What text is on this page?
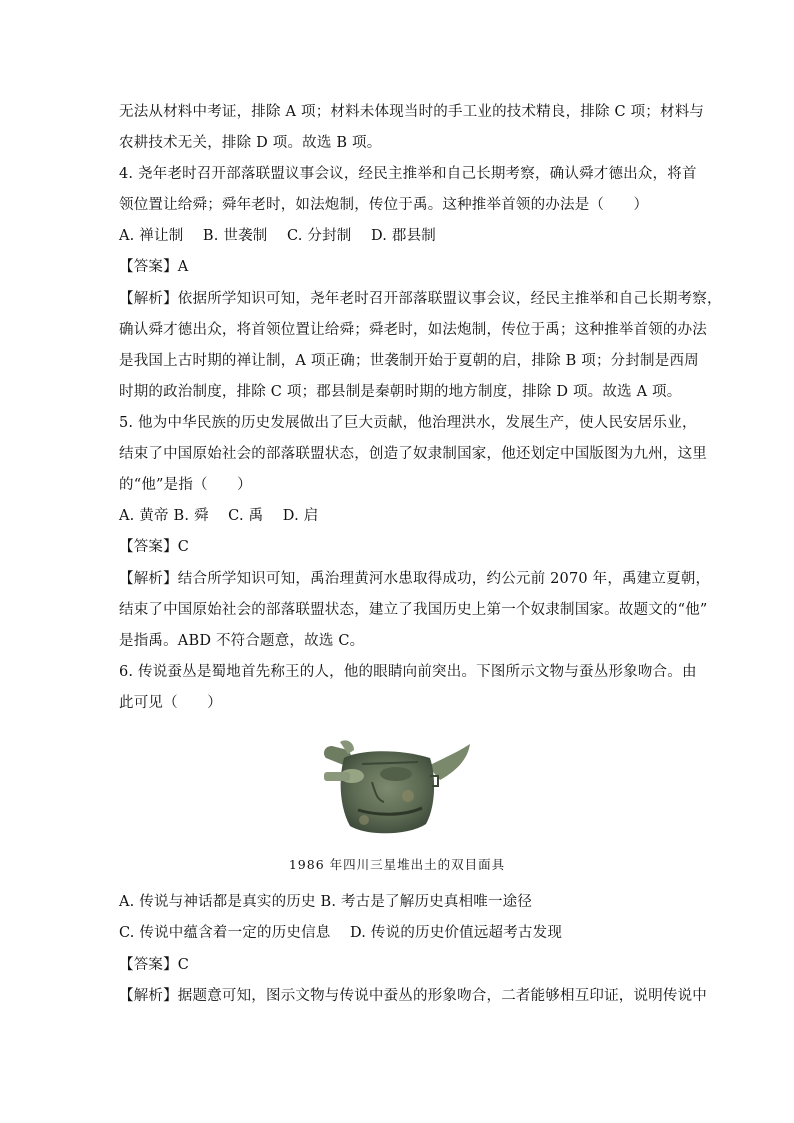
无法从材料中考证，排除 A 项；材料未体现当时的手工业的技术精良，排除 C 项；材料与
农耕技术无关，排除 D 项。故选 B 项。
4. 尧年老时召开部落联盟议事会议，经民主推举和自己长期考察，确认舜才德出众，将首
领位置让给舜；舜年老时，如法炮制，传位于禹。这种推举首领的办法是（　　）
A. 禅让制　 B. 世袭制　 C. 分封制　 D. 郡县制
【答案】A
【解析】依据所学知识可知，尧年老时召开部落联盟议事会议，经民主推举和自己长期考察，
确认舜才德出众，将首领位置让给舜；舜老时，如法炮制，传位于禹；这种推举首领的办法
是我国上古时期的禅让制，A 项正确；世袭制开始于夏朝的启，排除 B 项；分封制是西周
时期的政治制度，排除 C 项；郡县制是秦朝时期的地方制度，排除 D 项。故选 A 项。
5. 他为中华民族的历史发展做出了巨大贡献，他治理洪水，发展生产，使人民安居乐业，
结束了中国原始社会的部落联盟状态，创造了奴隶制国家，他还划定中国版图为九州，这里
的“他”是指（　　）
A. 黄帝 B. 舜　 C. 禹　 D. 启
【答案】C
【解析】结合所学知识可知，禹治理黄河水患取得成功，约公元前 2070 年，禹建立夏朝，
结束了中国原始社会的部落联盟状态，建立了我国历史上第一个奴隶制国家。故题文的“他”
是指禹。ABD 不符合题意，故选 C。
6. 传说蚕丛是蜀地首先称王的人，他的眼睛向前突出。下图所示文物与蚕丛形象吻合。由
此可见（　　）
1986 年四川三星堆出土的双目面具
A. 传说与神话都是真实的历史 B. 考古是了解历史真相唯一途径
C. 传说中蕴含着一定的历史信息　 D. 传说的历史价值远超考古发现
【答案】C
【解析】据题意可知，图示文物与传说中蚕丛的形象吻合，二者能够相互印证，说明传说中
